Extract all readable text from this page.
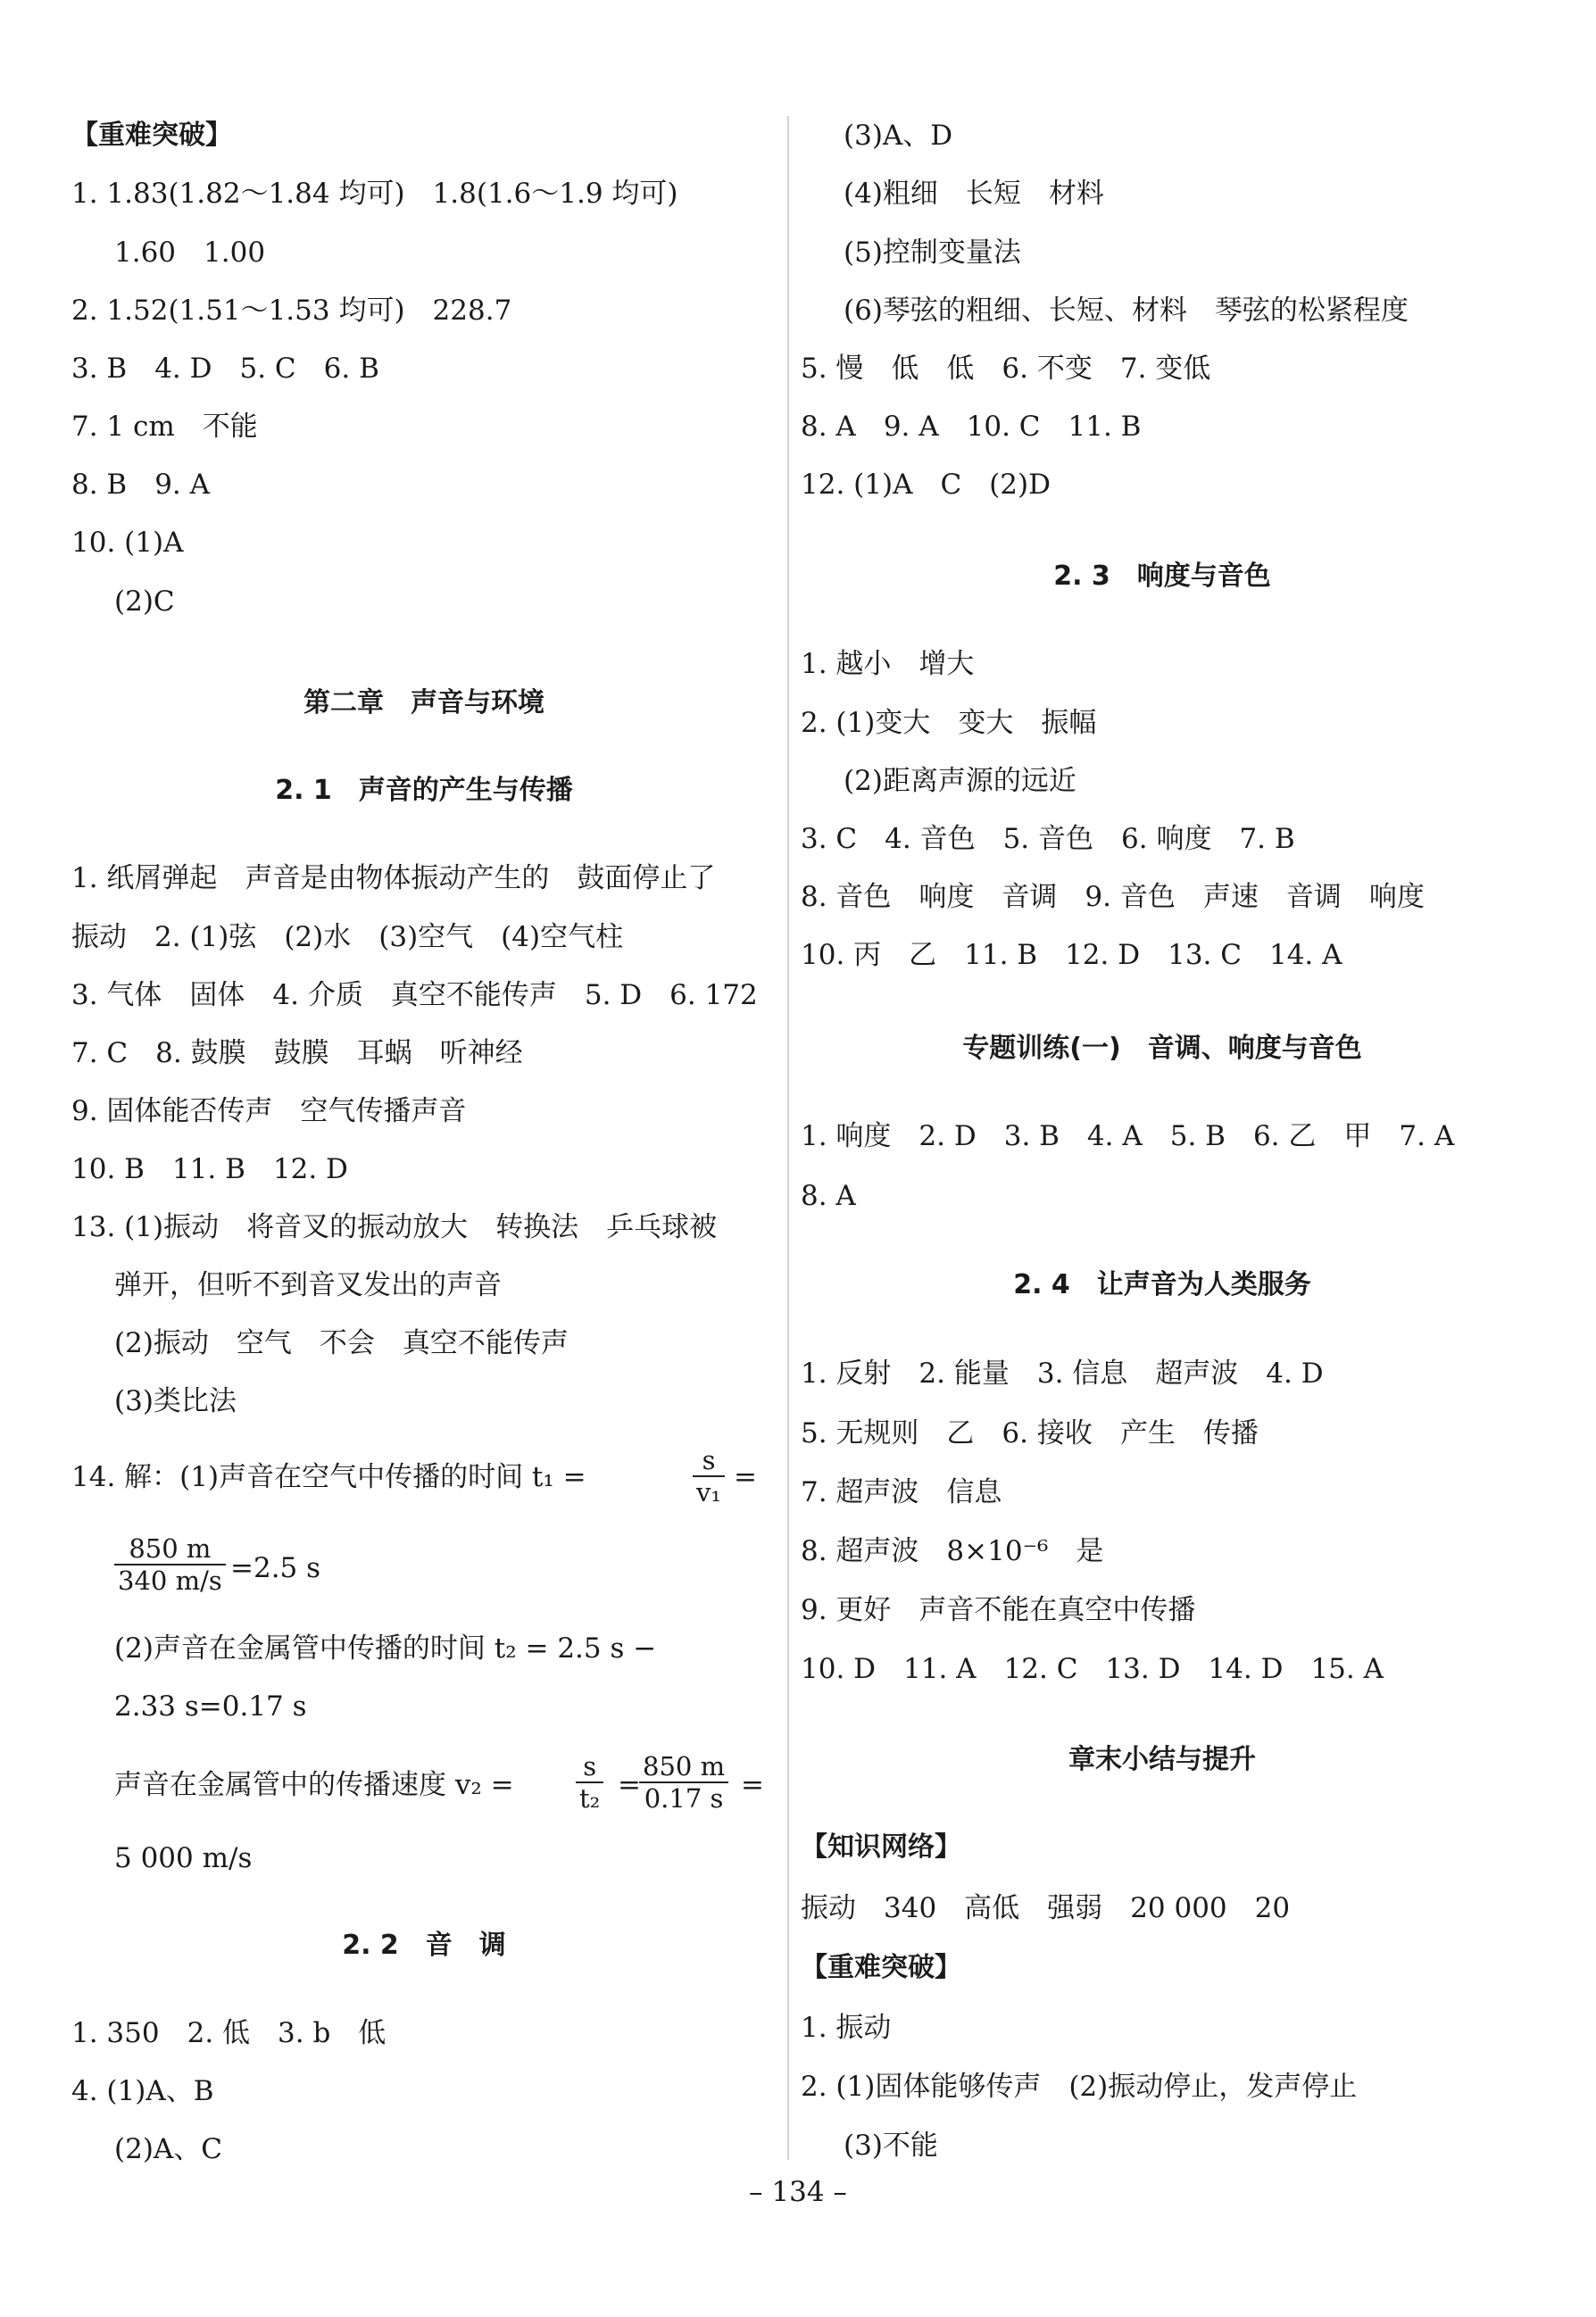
【重难突破】
1. 1.83(1.82～1.84 均可)　1.8(1.6～1.9 均可)
1.60　1.00
2. 1.52(1.51～1.53 均可)　228.7
3. B　4. D　5. C　6. B
7. 1 cm　不能
8. B　9. A
10. (1)A
(2)C
第二章　声音与环境
2. 1　声音的产生与传播
1. 纸屑弹起　声音是由物体振动产生的　鼓面停止了
振动　2. (1)弦　(2)水　(3)空气　(4)空气柱
3. 气体　固体　4. 介质　真空不能传声　5. D　6. 172
7. C　8. 鼓膜　鼓膜　耳蜗　听神经
9. 固体能否传声　空气传播声音
10. B　11. B　12. D
13. (1)振动　将音叉的振动放大　转换法　乒乓球被
弹开，但听不到音叉发出的声音
(2)振动　空气　不会　真空不能传声
(3)类比法
14. 解：(1)声音在空气中传播的时间 t₁ =	$\frac{s}{\text{v₁}}$ =
$\frac{850 m}{340 m/s} =2.5$ s
(2)声音在金属管中传播的时间 t₂ = 2.5 s −
2.33 s=0.17 s
声音在金属管中的传播速度 $v_2 = \frac{s}{\text{t₂}}$ =
$\frac{850 m}{0.17 s}$ =
5 000 m/s
2. 2　音　调
1. 350　2. 低　3. b　低
4. (1)A、B
(2)A、C
(3)A、D
(4)粗细　长短　材料
(5)控制变量法
(6)琴弦的粗细、长短、材料　琴弦的松紧程度
5. 慢　低　低　6. 不变　7. 变低
8. A　9. A　10. C　11. B
12. (1)A　C　(2)D
2. 3　响度与音色
1. 越小　增大
2. (1)变大　变大　振幅
(2)距离声源的远近
3. C　4. 音色　5. 音色　6. 响度　7. B
8. 音色　响度　音调　9. 音色　声速　音调　响度
10. 丙　乙　11. B　12. D　13. C　14. A
专题训练(一)　音调、响度与音色
1. 响度　2. D　3. B　4. A　5. B　6. 乙　甲　7. A
8. A
2. 4　让声音为人类服务
1. 反射　2. 能量　3. 信息　超声波　4. D
5. 无规则　乙　6. 接收　产生　传播
7. 超声波　信息
8. 超声波　8×10⁻⁶　是
9. 更好　声音不能在真空中传播
10. D　11. A　12. C　13. D　14. D　15. A
章末小结与提升
【知识网络】
振动　340　高低　强弱　20 000　20
【重难突破】
1. 振动
2. (1)固体能够传声　(2)振动停止，发声停止
(3)不能
– 134 –
